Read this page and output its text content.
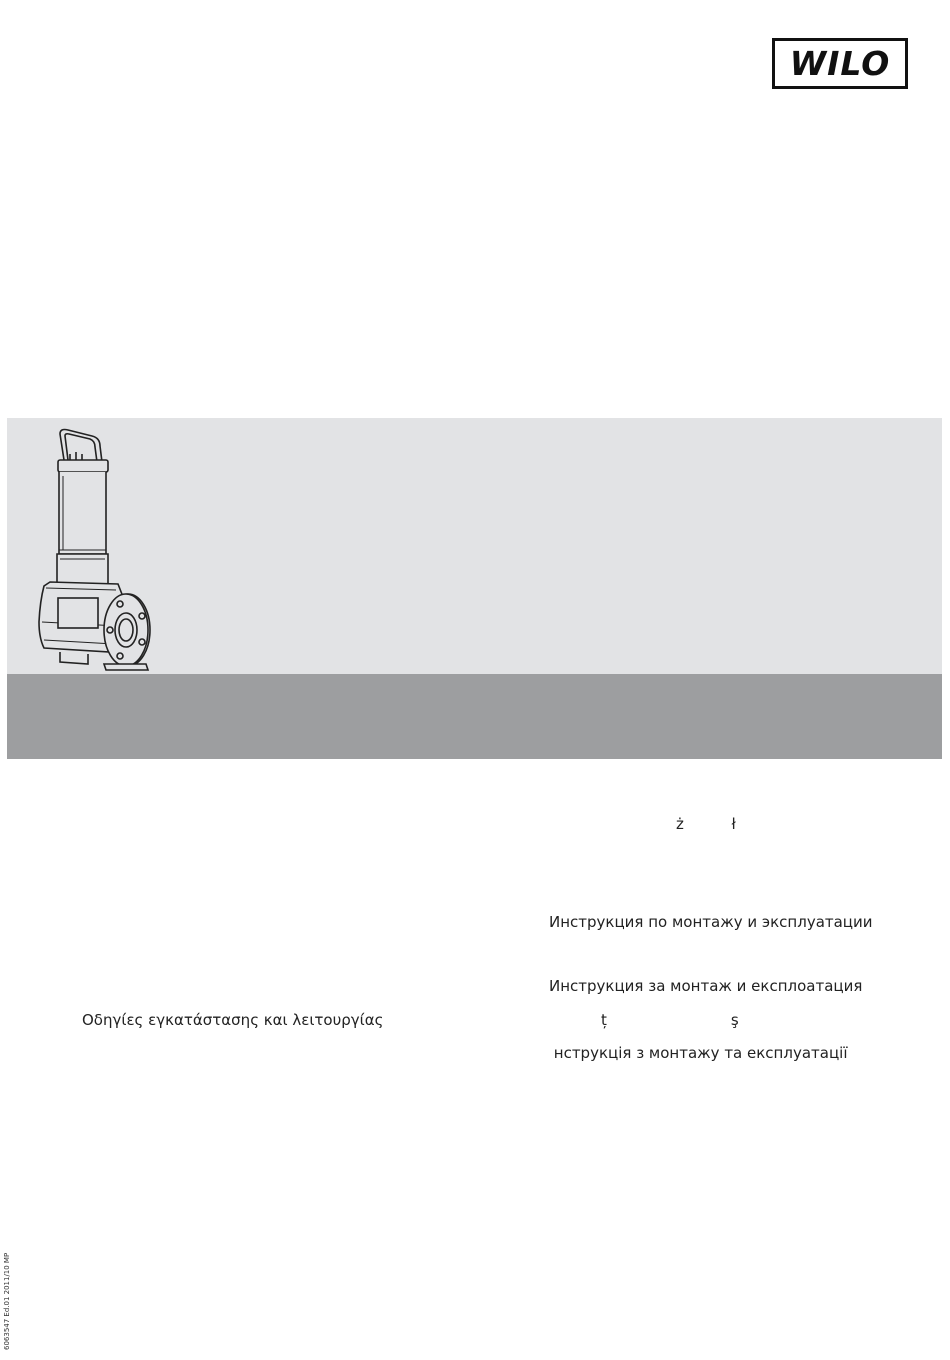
WILO
ż          ł
Инструкция по монтажу и эксплуатации
Инструкция за монтаж и експлоатация
Οδηγίες εγκατάστασης και λειτουργίας	ț                          ş
нструкція з монтажу та експлуатації
6063547 Ed.01 2011/10 MP
